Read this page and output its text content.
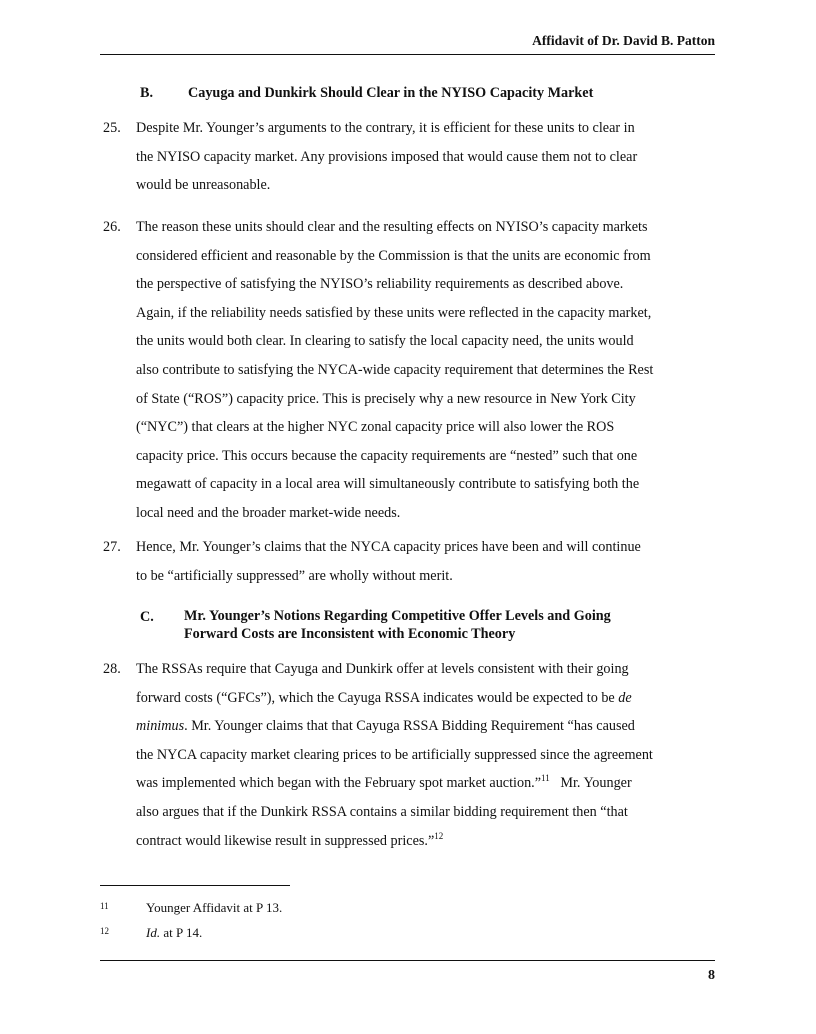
Affidavit of Dr. David B. Patton
B. Cayuga and Dunkirk Should Clear in the NYISO Capacity Market
25. Despite Mr. Younger’s arguments to the contrary, it is efficient for these units to clear in
the NYISO capacity market. Any provisions imposed that would cause them not to clear
would be unreasonable.
26. The reason these units should clear and the resulting effects on NYISO’s capacity markets
considered efficient and reasonable by the Commission is that the units are economic from
the perspective of satisfying the NYISO’s reliability requirements as described above.
Again, if the reliability needs satisfied by these units were reflected in the capacity market,
the units would both clear. In clearing to satisfy the local capacity need, the units would
also contribute to satisfying the NYCA-wide capacity requirement that determines the Rest
of State (“ROS”) capacity price. This is precisely why a new resource in New York City
(“NYC”) that clears at the higher NYC zonal capacity price will also lower the ROS
capacity price. This occurs because the capacity requirements are “nested” such that one
megawatt of capacity in a local area will simultaneously contribute to satisfying both the
local need and the broader market-wide needs.
27. Hence, Mr. Younger’s claims that the NYCA capacity prices have been and will continue
to be “artificially suppressed” are wholly without merit.
C. Mr. Younger’s Notions Regarding Competitive Offer Levels and Going
Forward Costs are Inconsistent with Economic Theory
28. The RSSAs require that Cayuga and Dunkirk offer at levels consistent with their going
forward costs (“GFCs”), which the Cayuga RSSA indicates would be expected to be de
minimus. Mr. Younger claims that that Cayuga RSSA Bidding Requirement “has caused
the NYCA capacity market clearing prices to be artificially suppressed since the agreement
was implemented which began with the February spot market auction.”$^{11}$   Mr. Younger
also argues that if the Dunkirk RSSA contains a similar bidding requirement then “that
contract would likewise result in suppressed prices.”$^{12}$
11	Younger Affidavit at P 13.
12	Id. at P 14.
8
